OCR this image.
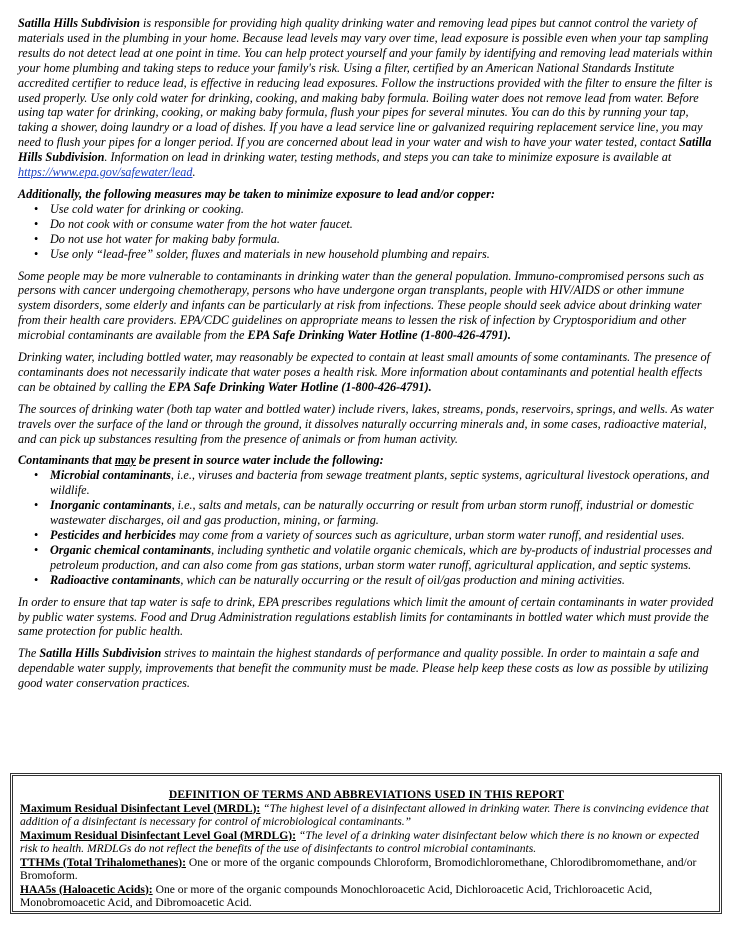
Satilla Hills Subdivision is responsible for providing high quality drinking water and removing lead pipes but cannot control the variety of materials used in the plumbing in your home. Because lead levels may vary over time, lead exposure is possible even when your tap sampling results do not detect lead at one point in time. You can help protect yourself and your family by identifying and removing lead materials within your home plumbing and taking steps to reduce your family's risk. Using a filter, certified by an American National Standards Institute accredited certifier to reduce lead, is effective in reducing lead exposures. Follow the instructions provided with the filter to ensure the filter is used properly. Use only cold water for drinking, cooking, and making baby formula. Boiling water does not remove lead from water. Before using tap water for drinking, cooking, or making baby formula, flush your pipes for several minutes. You can do this by running your tap, taking a shower, doing laundry or a load of dishes. If you have a lead service line or galvanized requiring replacement service line, you may need to flush your pipes for a longer period. If you are concerned about lead in your water and wish to have your water tested, contact Satilla Hills Subdivision. Information on lead in drinking water, testing methods, and steps you can take to minimize exposure is available at https://www.epa.gov/safewater/lead.

Additionally, the following measures may be taken to minimize exposure to lead and/or copper:
• Use cold water for drinking or cooking.
• Do not cook with or consume water from the hot water faucet.
• Do not use hot water for making baby formula.
• Use only “lead-free” solder, fluxes and materials in new household plumbing and repairs.

Some people may be more vulnerable to contaminants in drinking water than the general population. Immuno-compromised persons such as persons with cancer undergoing chemotherapy, persons who have undergone organ transplants, people with HIV/AIDS or other immune system disorders, some elderly and infants can be particularly at risk from infections. These people should seek advice about drinking water from their health care providers. EPA/CDC guidelines on appropriate means to lessen the risk of infection by Cryptosporidium and other microbial contaminants are available from the EPA Safe Drinking Water Hotline (1-800-426-4791).

Drinking water, including bottled water, may reasonably be expected to contain at least small amounts of some contaminants. The presence of contaminants does not necessarily indicate that water poses a health risk. More information about contaminants and potential health effects can be obtained by calling the EPA Safe Drinking Water Hotline (1-800-426-4791).

The sources of drinking water (both tap water and bottled water) include rivers, lakes, streams, ponds, reservoirs, springs, and wells. As water travels over the surface of the land or through the ground, it dissolves naturally occurring minerals and, in some cases, radioactive material, and can pick up substances resulting from the presence of animals or from human activity.

Contaminants that may be present in source water include the following:
• Microbial contaminants, i.e., viruses and bacteria from sewage treatment plants, septic systems, agricultural livestock operations, and wildlife.
• Inorganic contaminants, i.e., salts and metals, can be naturally occurring or result from urban storm runoff, industrial or domestic wastewater discharges, oil and gas production, mining, or farming.
• Pesticides and herbicides may come from a variety of sources such as agriculture, urban storm water runoff, and residential uses.
• Organic chemical contaminants, including synthetic and volatile organic chemicals, which are by-products of industrial processes and petroleum production, and can also come from gas stations, urban storm water runoff, agricultural application, and septic systems.
• Radioactive contaminants, which can be naturally occurring or the result of oil/gas production and mining activities.

In order to ensure that tap water is safe to drink, EPA prescribes regulations which limit the amount of certain contaminants in water provided by public water systems. Food and Drug Administration regulations establish limits for contaminants in bottled water which must provide the same protection for public health.

The Satilla Hills Subdivision strives to maintain the highest standards of performance and quality possible. In order to maintain a safe and dependable water supply, improvements that benefit the community must be made. Please help keep these costs as low as possible by utilizing good water conservation practices.

DEFINITION OF TERMS AND ABBREVIATIONS USED IN THIS REPORT
Maximum Residual Disinfectant Level (MRDL): “The highest level of a disinfectant allowed in drinking water. There is convincing evidence that addition of a disinfectant is necessary for control of microbiological contaminants.”
Maximum Residual Disinfectant Level Goal (MRDLG): “The level of a drinking water disinfectant below which there is no known or expected risk to health. MRDLGs do not reflect the benefits of the use of disinfectants to control microbial contaminants.
TTHMs (Total Trihalomethanes): One or more of the organic compounds Chloroform, Bromodichloromethane, Chlorodibromomethane, and/or Bromoform.
HAA5s (Haloacetic Acids): One or more of the organic compounds Monochloroacetic Acid, Dichloroacetic Acid, Trichloroacetic Acid, Monobromoacetic Acid, and Dibromoacetic Acid.
